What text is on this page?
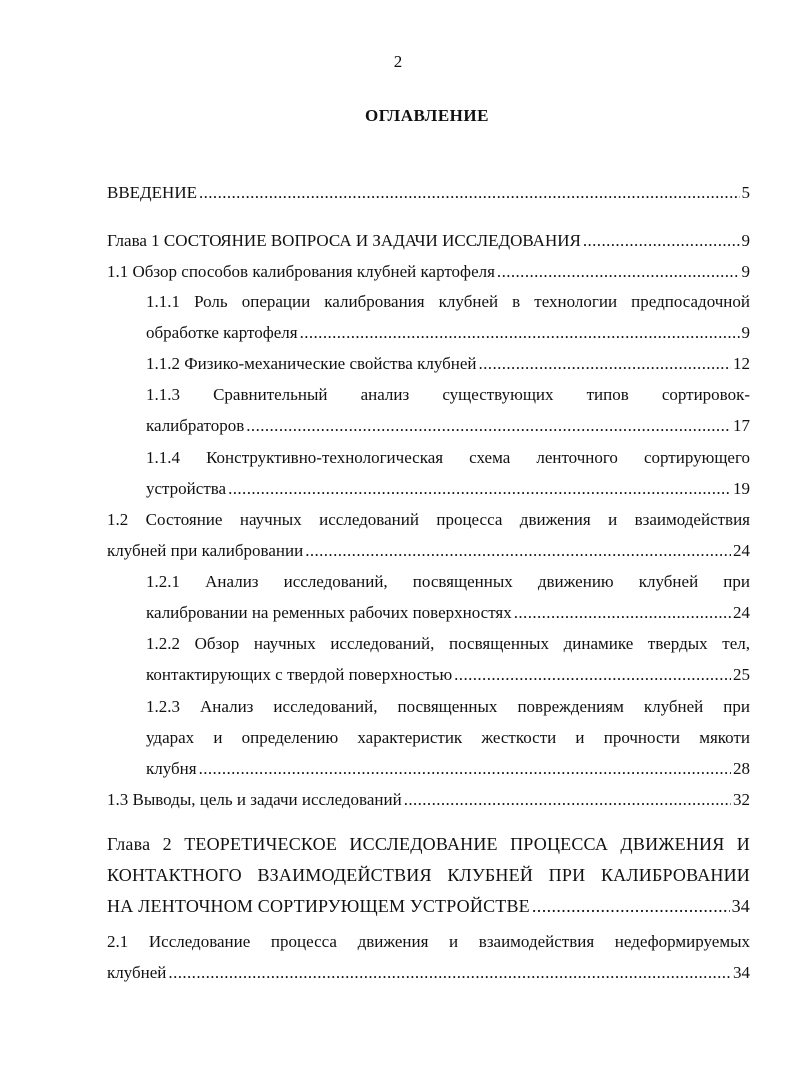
2
ОГЛАВЛЕНИЕ
ВВЕДЕНИЕ .....	5
Глава 1 СОСТОЯНИЕ ВОПРОСА И ЗАДАЧИ ИССЛЕДОВАНИЯ .....	9
1.1 Обзор способов калибрования клубней картофеля .....	9
1.1.1 Роль операции калибрования клубней в технологии предпосадочной
обработке картофеля .....	9
1.1.2 Физико-механические свойства клубней .....	12
1.1.3 Сравнительный анализ существующих типов сортировок-
калибраторов .....	17
1.1.4 Конструктивно-технологическая схема ленточного сортирующего
устройства .....	19
1.2 Состояние научных исследований процесса движения и взаимодействия
клубней при калибровании .....	24
1.2.1 Анализ исследований, посвященных движению клубней при
калибровании на ременных рабочих поверхностях .....	24
1.2.2 Обзор научных исследований, посвященных динамике твердых тел,
контактирующих с твердой поверхностью .....	25
1.2.3 Анализ исследований, посвященных повреждениям клубней при
ударах и определению характеристик жесткости и прочности мякоти
клубня .....	28
1.3 Выводы, цель и задачи исследований .....	32
Глава 2 ТЕОРЕТИЧЕСКОЕ ИССЛЕДОВАНИЕ ПРОЦЕССА ДВИЖЕНИЯ И
КОНТАКТНОГО ВЗАИМОДЕЙСТВИЯ КЛУБНЕЙ ПРИ КАЛИБРОВАНИИ
НА ЛЕНТОЧНОМ СОРТИРУЮЩЕМ УСТРОЙСТВЕ .....	34
2.1 Исследование процесса движения и взаимодействия недеформируемых
клубней .....	34
